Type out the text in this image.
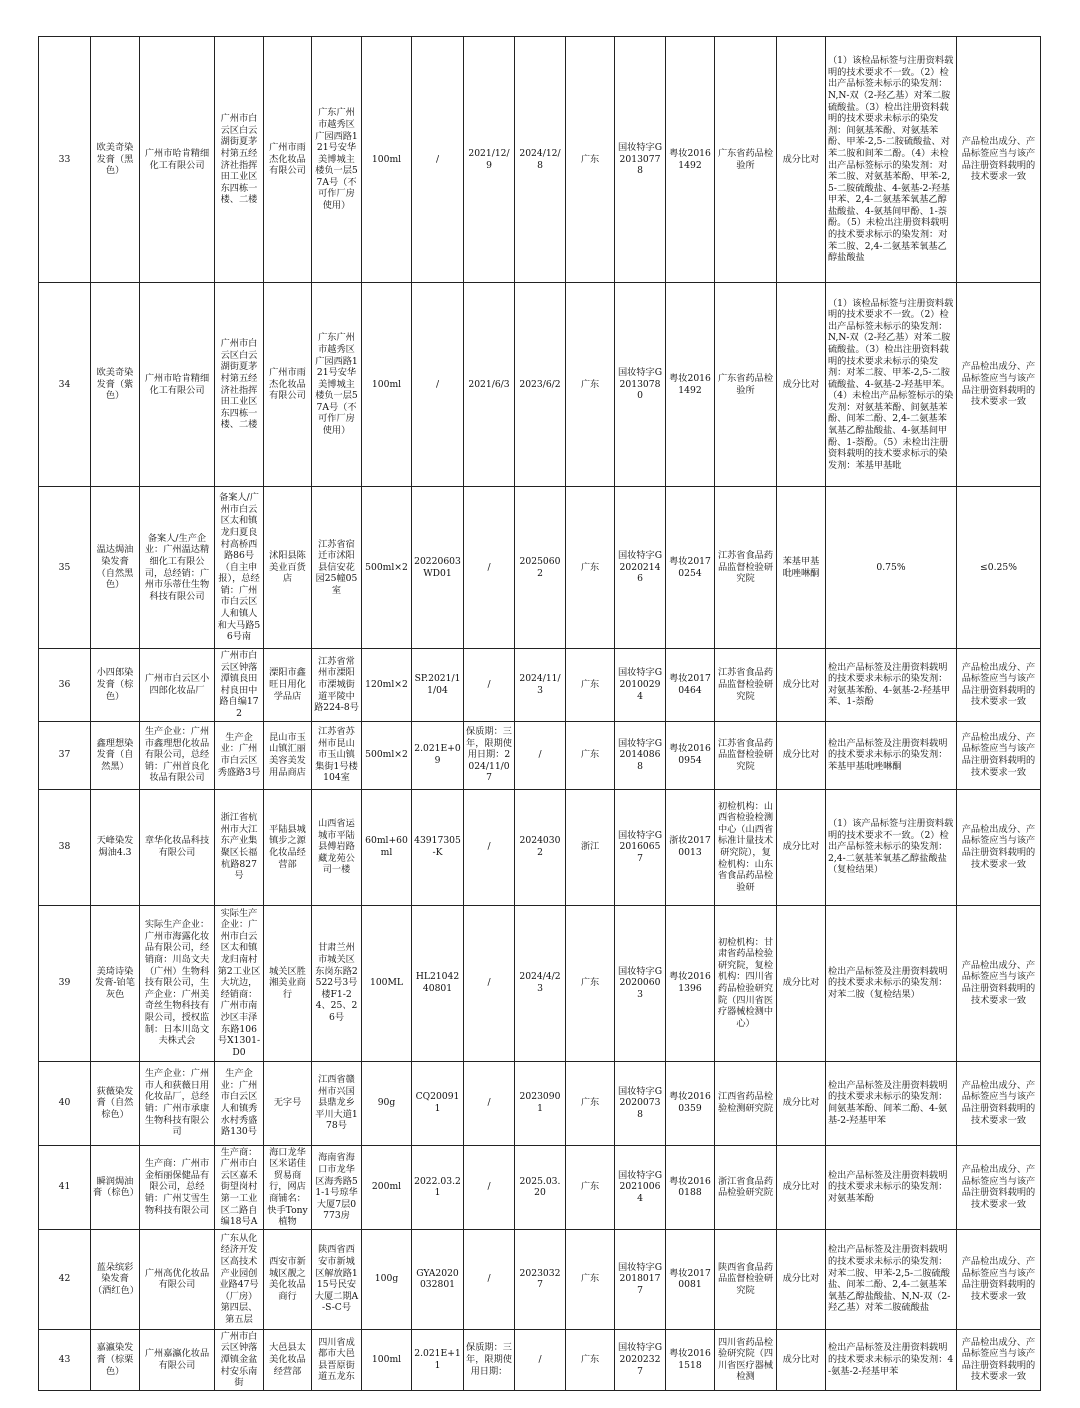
33	欧美奇染发膏（黑色）	广州市哈肯精细化工有限公司	广州市白云区白云湖街夏茅村第五经济社指挥田工业区东四栋一楼、二楼	广州市雨杰化妆品有限公司	广东广州市越秀区广园西路121号安华美博城主楼负一层57A号（不可作厂房使用）	100ml	/	2021/12/9	2024/12/8	广东	国妆特字G20130778	粤妆20161492	广东省药品检验所	成分比对	（1）该检品标签与注册资料载明的技术要求不一致。（2）检出产品标签未标示的染发剂：N,N-双（2-羟乙基）对苯二胺硫酸盐。（3）检出注册资料载明的技术要求未标示的染发剂：间氨基苯酚、对氨基苯酚、甲苯-2,5-二胺硫酸盐、对苯二胺和间苯二酚。（4）未检出产品标签标示的染发剂：对苯二胺、对氨基苯酚、甲苯-2,5-二胺硫酸盐、4-氨基-2-羟基甲苯、2,4-二氨基苯氧基乙醇盐酸盐、4-氨基间甲酚、1-萘酚。（5）未检出注册资料载明的技术要求标示的染发剂：对苯二胺、2,4-二氨基苯氧基乙醇盐酸盐	产品检出成分、产品标签应当与该产品注册资料载明的技术要求一致
34	欧美奇染发膏（紫色）	广州市哈肯精细化工有限公司	广州市白云区白云湖街夏茅村第五经济社指挥田工业区东四栋一楼、二楼	广州市雨杰化妆品有限公司	广东广州市越秀区广园西路121号安华美博城主楼负一层57A号（不可作厂房使用）	100ml	/	2021/6/3	2023/6/2	广东	国妆特字G20130780	粤妆20161492	广东省药品检验所	成分比对	（1）该检品标签与注册资料载明的技术要求不一致。（2）检出产品标签未标示的染发剂：N,N-双（2-羟乙基）对苯二胺硫酸盐。（3）检出注册资料载明的技术要求未标示的染发剂：对苯二胺、甲苯-2,5-二胺硫酸盐、4-氨基-2-羟基甲苯。（4）未检出产品标签标示的染发剂：对氨基苯酚、间氨基苯酚、间苯二酚、2,4-二氨基苯氧基乙醇盐酸盐、4-氨基间甲酚、1-萘酚。（5）未检出注册资料载明的技术要求标示的染发剂：苯基甲基吡	产品检出成分、产品标签应当与该产品注册资料载明的技术要求一致
35	温达焗油染发膏（自然黑色）	备案人/生产企业：广州温达精细化工有限公司，总经销：广州市乐蒂仕生物科技有限公司	备案人/广州市白云区太和镇龙归夏良村高桥西路86号（自主申报），总经销：广州市白云区人和镇人和大马路56号南	沭阳县陈美业百货店	江苏省宿迁市沭阳县信安花园25幢05室	500ml×2	20220603WD01	/	20250602	广东	国妆特字G20202146	粤妆20170254	江苏省食品药品监督检验研究院	苯基甲基吡唑啉酮	0.75%	≤0.25%
36	小四郎染发膏（棕色）	广州市白云区小四郎化妆品厂	广州市白云区钟落潭镇良田村良田中路自编172	溧阳市鑫旺日用化学品店	江苏省常州市溧阳市溧城街道平陵中路224-8号	120ml×2	SP.2021/11/04	/	2024/11/3	广东	国妆特字G20100294	粤妆20170464	江苏省食品药品监督检验研究院	成分比对	检出产品标签及注册资料载明的技术要求未标示的染发剂：对氨基苯酚、4-氨基-2-羟基甲苯、1-萘酚	产品检出成分、产品标签应当与该产品注册资料载明的技术要求一致
37	鑫理想染发膏（自然黑）	生产企业：广州市鑫理想化妆品有限公司，总经销：广州首良化妆品有限公司	生产企业：广州市白云区秀盛路3号	昆山市玉山镇汇丽美容美发用品商店	江苏省苏州市昆山市玉山镇集街1号楼104室	500ml×2	2.021E+09	保质期：三年，限期使用日期：2024/11/07	/	广东	国妆特字G20140868	粤妆20160954	江苏省食品药品监督检验研究院	成分比对	检出产品标签及注册资料载明的技术要求未标示的染发剂：苯基甲基吡唑啉酮	产品检出成分、产品标签应当与该产品注册资料载明的技术要求一致
38	天峰染发焗油4.3	章华化妆品科技有限公司	浙江省杭州市大江东产业集聚区长福杭路827号	平陆县城镇步之源化妆品经营部	山西省运城市平陆县傅岩路藏龙苑公司一楼	60ml+60ml	43917305-K	/	20240302	浙江	国妆特字G20160657	浙妆20170013	初检机构：山西省检验检测中心（山西省标准计量技术研究院），复检机构：山东省食品药品检验研	成分比对	（1）该产品标签与注册资料载明的技术要求不一致。（2）检出产品标签未标示的染发剂：2,4-二氨基苯氧基乙醇盐酸盐（复检结果）	产品检出成分、产品标签应当与该产品注册资料载明的技术要求一致
39	美琦诗染发膏-铂笔灰色	实际生产企业：广州市海露化妆品有限公司，经销商：川岛文夫（广州）生物科技有限公司，生产企业：广州美奇丝生物科技有限公司，授权监制：日本川岛文夫株式会	实际生产企业：广州市白云区太和镇龙归南村第2工业区大坑边，经销商：广州市南沙区丰泽东路106号X1301-D0	城关区胜湘美业商行	甘肃兰州市城关区东岗东路2522号3号楼F1-24、25、26号	100ML	HL2104240801	/	2024/4/23	广东	国妆特字G20200603	粤妆20161396	初检机构：甘肃省药品检验研究院，复检机构：四川省药品检验研究院（四川省医疗器械检测中心）	成分比对	检出产品标签及注册资料载明的技术要求未标示的染发剂：对苯二胺（复检结果）	产品检出成分、产品标签应当与该产品注册资料载明的技术要求一致
40	荻薇染发膏（自然棕色）	生产企业：广州市人和荻薇日用化妆品厂，总经销：广州市承康生物科技有限公司	生产企业：广州市白云区人和镇秀水村秀盛路130号	无字号	江西省赣州市兴国县鼎龙乡平川大道178号	90g	CQ200911	/	20230901	广东	国妆特字G20200738	粤妆20160359	江西省药品检验检测研究院	成分比对	检出产品标签及注册资料载明的技术要求未标示的染发剂：间氨基苯酚、间苯二酚、4-氨基-2-羟基甲苯	产品检出成分、产品标签应当与该产品注册资料载明的技术要求一致
41	瞬润焗油膏（棕色）	生产商：广州市金栢丽保健品有限公司，总经销：广州艾雪生物科技有限公司	生产商：广州市白云区嘉禾街望岗村第一工业区二路自编18号A	海口龙华区米诺佳贸易商行，网店商铺名：快手Tony植物	海南省海口市龙华区海秀路51-1号琼华大厦7层0773房	200ml	2022.03.21	/	2025.03.20	广东	国妆特字G20210064	粤妆20160188	浙江省食品药品检验研究院	成分比对	检出产品标签及注册资料载明的技术要求未标示的染发剂：对氨基苯酚	产品检出成分、产品标签应当与该产品注册资料载明的技术要求一致
42	蓝朵缤彩染发膏（酒红色）	广州高优化妆品有限公司	广东从化经济开发区高技术产业园创业路47号（厂房）第四层、第五层	西安市新城区靓之美化妆品商行	陕西省西安市新城区解放路115号民安大厦二期A-S-C号	100g	GYA2020032801	/	20230327	广东	国妆特字G20180177	粤妆20170081	陕西省食品药品监督检验研究院	成分比对	检出产品标签及注册资料载明的技术要求未标示的染发剂：对苯二胺、甲苯-2,5-二胺硫酸盐、间苯二酚、2,4-二氨基苯氧基乙醇盐酸盐、N,N-双（2-羟乙基）对苯二胺硫酸盐	产品检出成分、产品标签应当与该产品注册资料载明的技术要求一致
43	嘉瀛染发膏（棕栗色）	广州嘉瀛化妆品有限公司	广州市白云区钟落潭镇金盆村安乐南街	大邑县太美化妆品经营部	四川省成都市大邑县晋原街道五龙东	100ml	2.021E+11	保质期：三年，限期使用日期：	/	广东	国妆特字G20202327	粤妆20161518	四川省药品检验研究院（四川省医疗器械检测	成分比对	检出产品标签及注册资料载明的技术要求未标示的染发剂：4-氨基-2-羟基甲苯	产品检出成分、产品标签应当与该产品注册资料载明的技术要求一致
